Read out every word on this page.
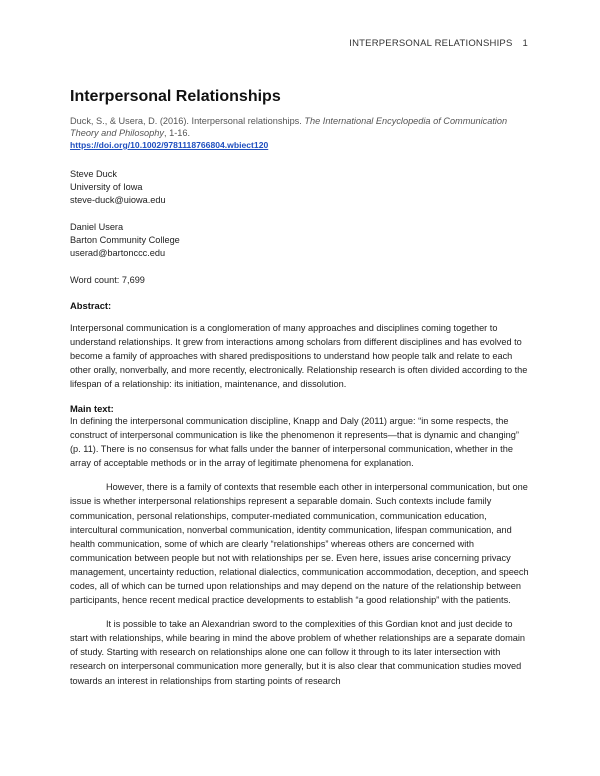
INTERPERSONAL RELATIONSHIPS 1
Interpersonal Relationships

Duck, S., & Usera, D. (2016). Interpersonal relationships. The International Encyclopedia of Communication Theory and Philosophy, 1-16.
https://doi.org/10.1002/9781118766804.wbiect120

Steve Duck
University of Iowa
steve-duck@uiowa.edu
Daniel Usera
Barton Community College
userad@bartonccc.edu
Word count: 7,699
Abstract:

Interpersonal communication is a conglomeration of many approaches and disciplines coming together to understand relationships. It grew from interactions among scholars from different disciplines and has evolved to become a family of approaches with shared predispositions to understand how people talk and relate to each other orally, nonverbally, and more recently, electronically. Relationship research is often divided according to the lifespan of a relationship: its initiation, maintenance, and dissolution.

Main text:

In defining the interpersonal communication discipline, Knapp and Daly (2011) argue: “in some respects, the construct of interpersonal communication is like the phenomenon it represents—that is dynamic and changing” (p. 11). There is no consensus for what falls under the banner of interpersonal communication, whether in the array of acceptable methods or in the array of legitimate phenomena for explanation.

However, there is a family of contexts that resemble each other in interpersonal communication, but one issue is whether interpersonal relationships represent a separable domain. Such contexts include family communication, personal relationships, computer-mediated communication, communication education, intercultural communication, nonverbal communication, identity communication, lifespan communication, and health communication, some of which are clearly “relationships” whereas others are concerned with communication between people but not with relationships per se. Even here, issues arise concerning privacy management, uncertainty reduction, relational dialectics, communication accommodation, deception, and speech codes, all of which can be turned upon relationships and may depend on the nature of the relationship between participants, hence recent medical practice developments to establish “a good relationship” with the patients.

It is possible to take an Alexandrian sword to the complexities of this Gordian knot and just decide to start with relationships, while bearing in mind the above problem of whether relationships are a separate domain of study. Starting with research on relationships alone one can follow it through to its later intersection with research on interpersonal communication more generally, but it is also clear that communication studies moved towards an interest in relationships from starting points of research
